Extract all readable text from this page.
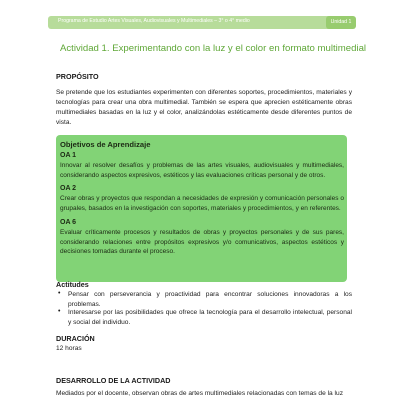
Programa de Estudio Artes Visuales, Audiovisuales y Multimediales – 3° o 4° medio	Unidad 1
Actividad 1. Experimentando con la luz y el color en formato multimedial
PROPÓSITO
Se pretende que los estudiantes experimenten con diferentes soportes, procedimientos, materiales y tecnologías para crear una obra multimedial. También se espera que aprecien estéticamente obras multimediales basadas en la luz y el color, analizándolas estéticamente desde diferentes puntos de vista.
Objetivos de Aprendizaje
OA 1
Innovar al resolver desafíos y problemas de las artes visuales, audiovisuales y multimediales, considerando aspectos expresivos, estéticos y las evaluaciones críticas personal y de otros.
OA 2
Crear obras y proyectos que respondan a necesidades de expresión y comunicación personales o grupales, basados en la investigación con soportes, materiales y procedimientos, y en referentes.
OA 6
Evaluar críticamente procesos y resultados de obras y proyectos personales y de sus pares, considerando relaciones entre propósitos expresivos y/o comunicativos, aspectos estéticos y decisiones tomadas durante el proceso.
Actitudes
• Pensar con perseverancia y proactividad para encontrar soluciones innovadoras a los problemas.
• Interesarse por las posibilidades que ofrece la tecnología para el desarrollo intelectual, personal y social del individuo.
DURACIÓN
12 horas
DESARROLLO DE LA ACTIVIDAD
Mediados por el docente, observan obras de artes multimediales relacionadas con temas de la luz
